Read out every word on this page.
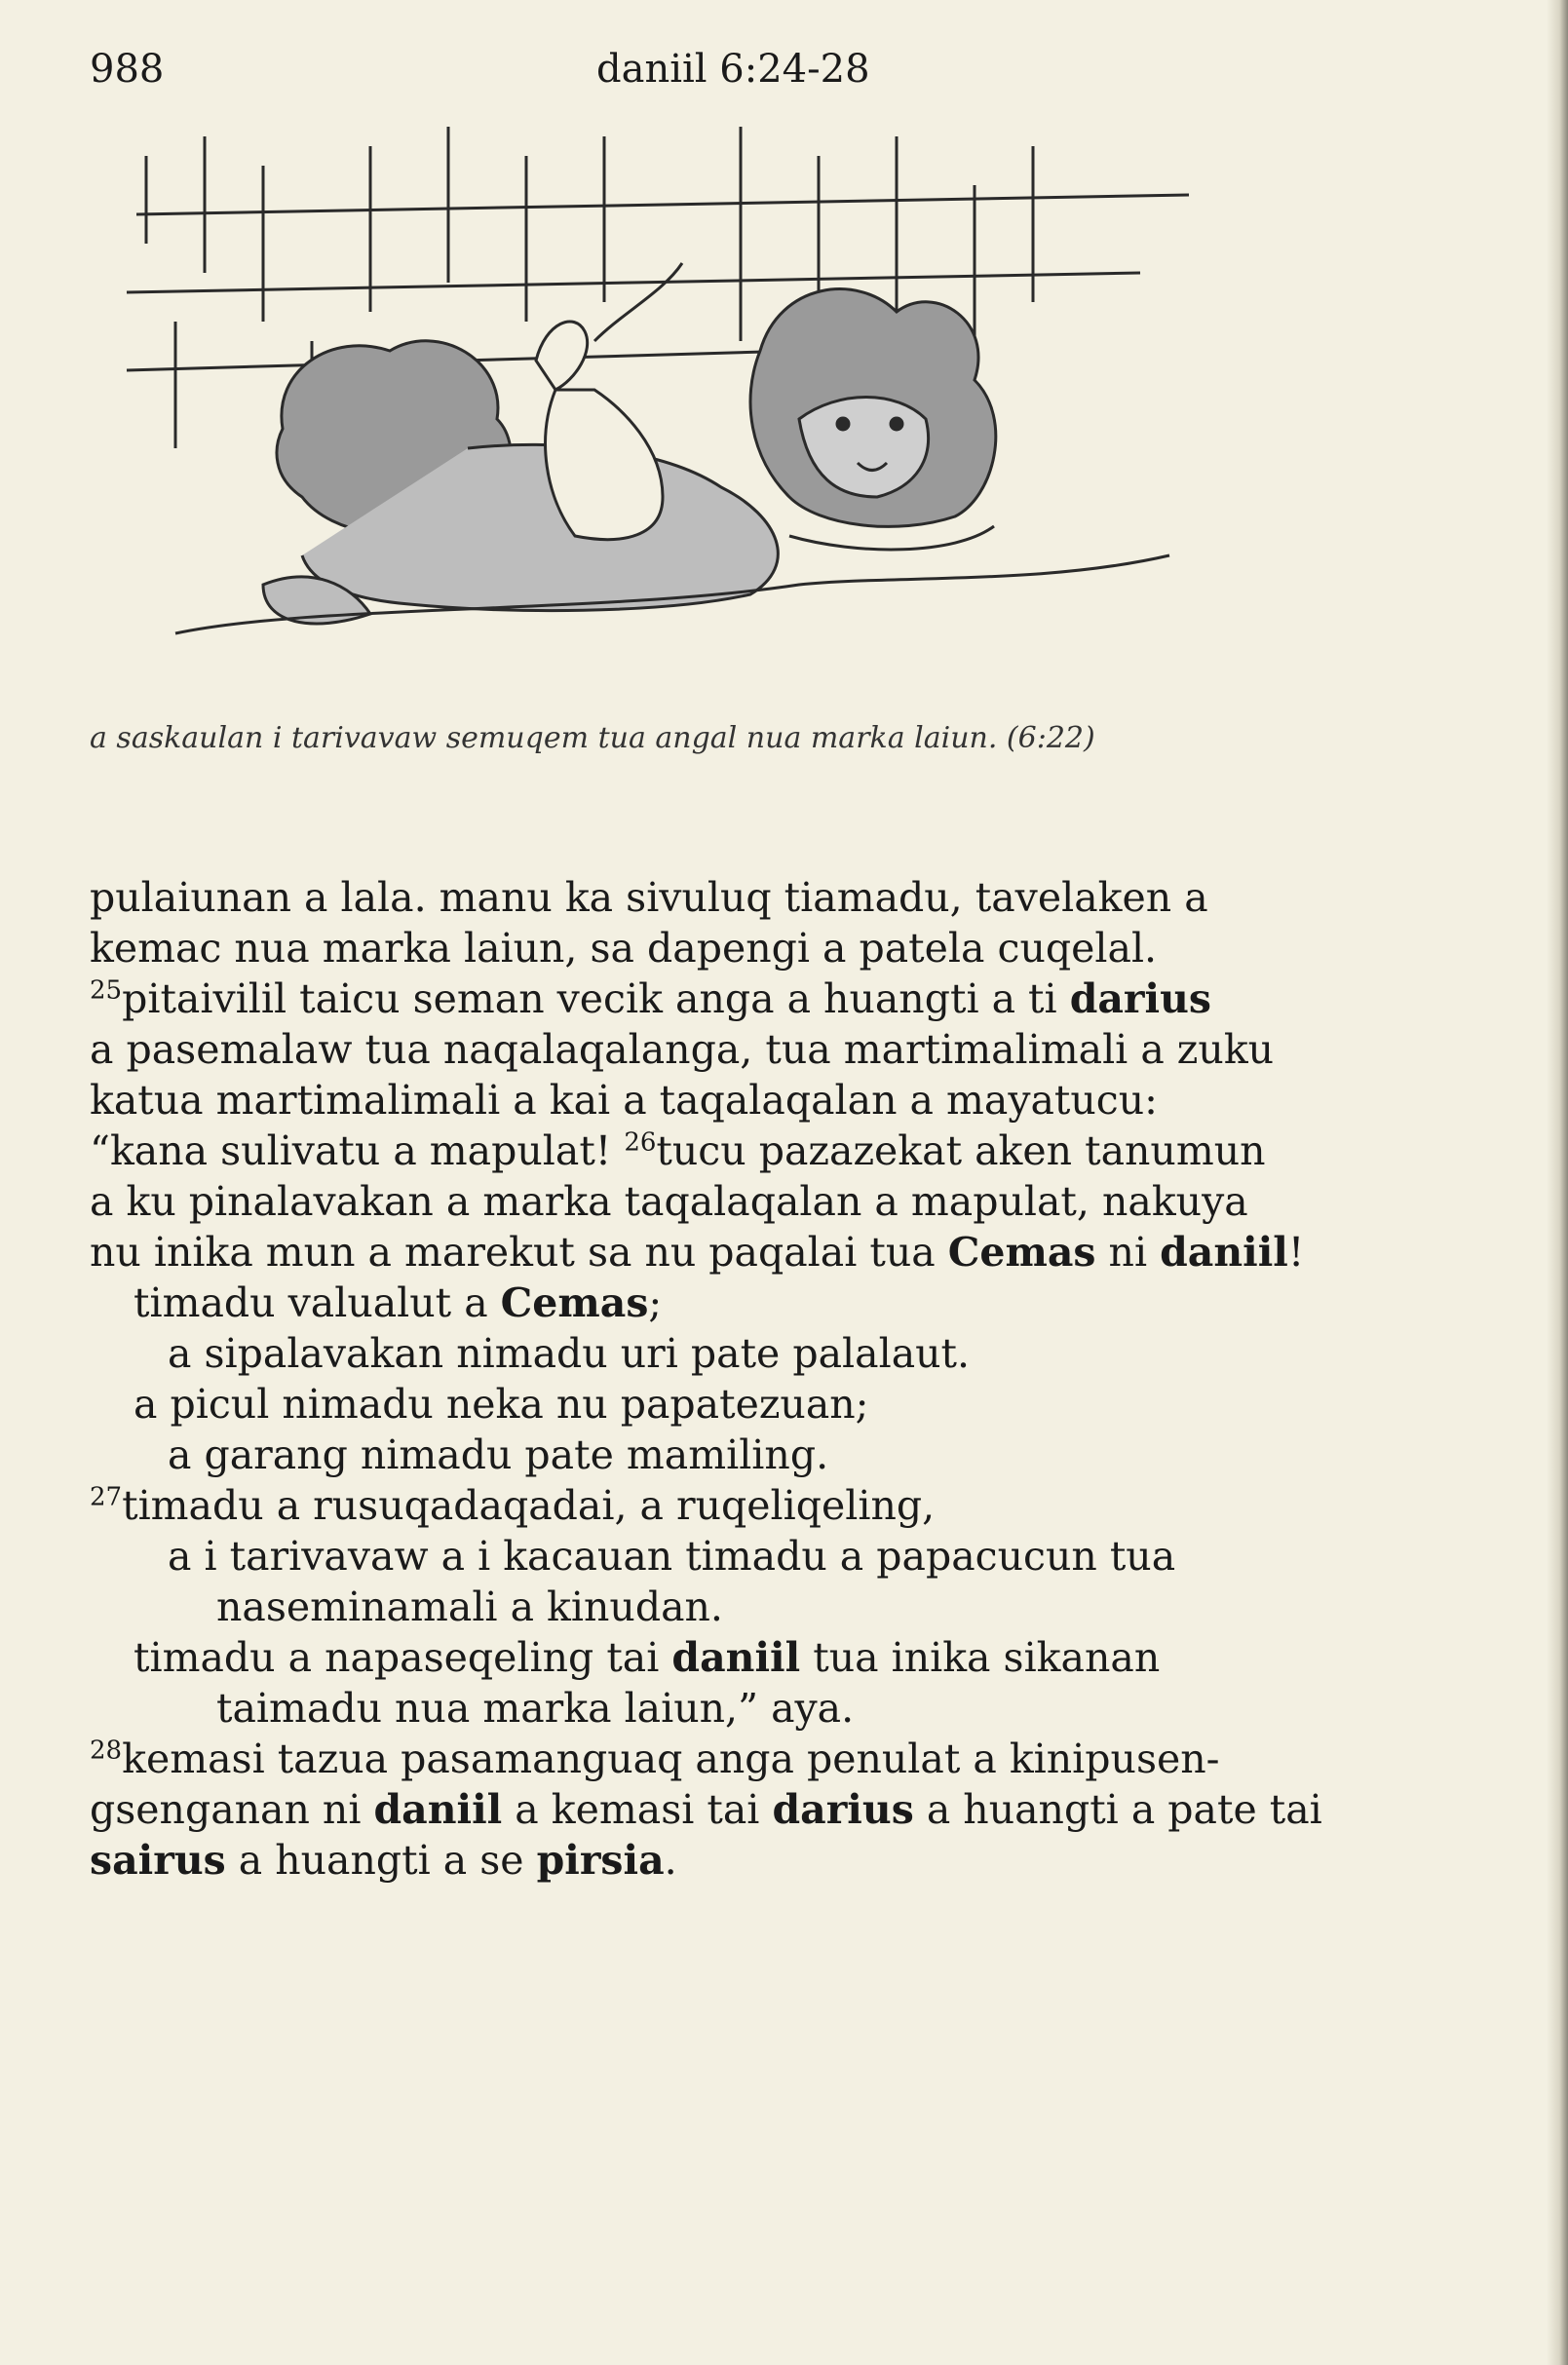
988	daniil 6:24-28
a saskaulan i tarivavaw semuqem tua angal nua marka laiun. (6:22)

pulaiunan a lala. manu ka sivuluq tiamadu, tavelaken a

kemac nua marka laiun, sa dapengi a patela cuqelal.

$^{25}$pitaivilil taicu seman vecik anga a huangti a ti darius

a pasemalaw tua naqalaqalanga, tua martimalimali a zuku

katua martimalimali a kai a taqalaqalan a mayatucu:

“kana sulivatu a mapulat! $^{26}$tucu pazazekat aken tanumun

a ku pinalavakan a marka taqalaqalan a mapulat, nakuya

nu inika mun a marekut sa nu paqalai tua Cemas ni daniil!

timadu valualut a Cemas;

a sipalavakan nimadu uri pate palalaut.

a picul nimadu neka nu papatezuan;

a garang nimadu pate mamiling.

$^{27}$timadu a rusuqadaqadai, a ruqeliqeling,

a i tarivavaw a i kacauan timadu a papacucun tua

naseminamali a kinudan.

timadu a napaseqeling tai daniil tua inika sikanan

taimadu nua marka laiun,” aya.

$^{28}$kemasi tazua pasamanguaq anga penulat a kinipusen-

gsenganan ni daniil a kemasi tai darius a huangti a pate tai

sairus a huangti a se pirsia.
